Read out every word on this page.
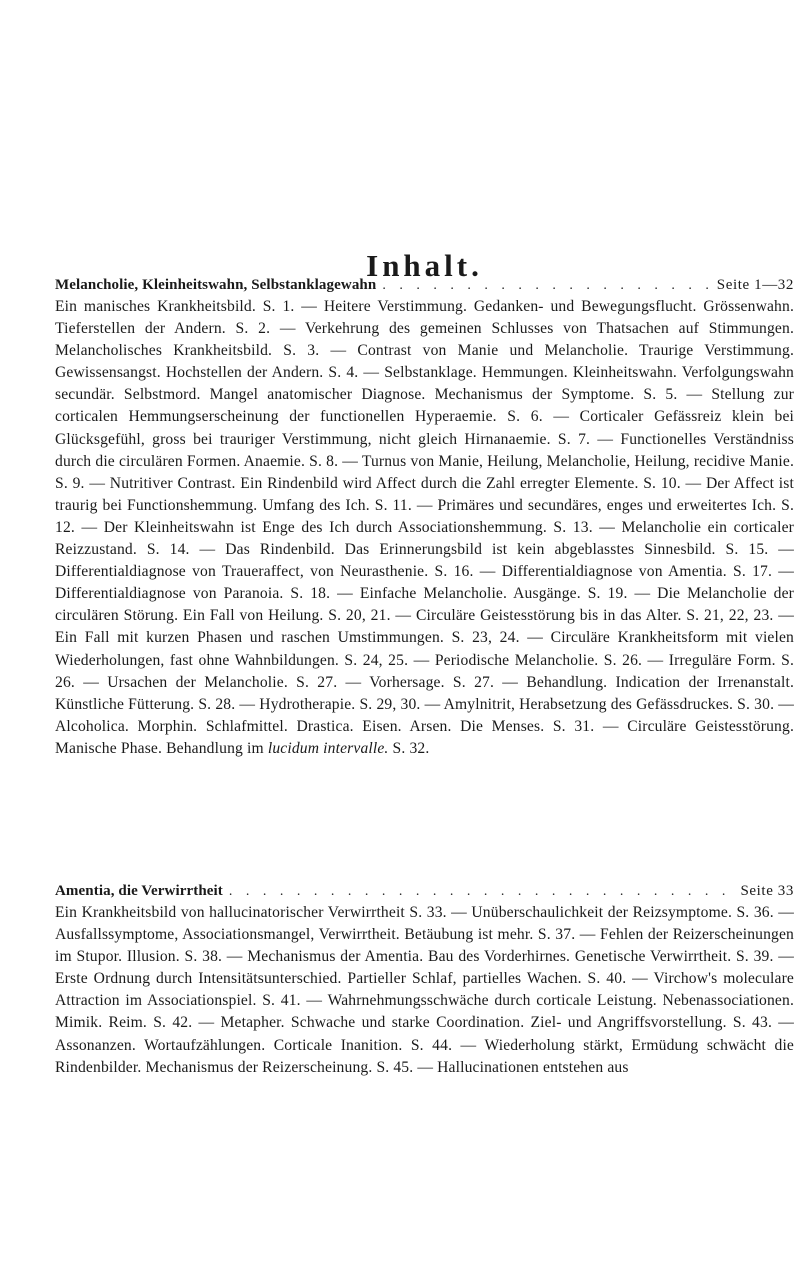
Inhalt.
Melancholie, Kleinheitswahn, Selbstanklagewahn . . .	Seite 1—32

Ein manisches Krankheitsbild. S. 1. — Heitere Verstimmung. Gedanken- und Bewegungsflucht. Grössenwahn. Tieferstellen der Andern. S. 2. — Verkehrung des gemeinen Schlusses von Thatsachen auf Stimmungen. Melancholisches Krankheitsbild. S. 3. — Contrast von Manie und Melancholie. Traurige Verstimmung. Gewissensangst. Hochstellen der Andern. S. 4. — Selbstanklage. Hemmungen. Kleinheitswahn. Verfolgungswahn secundär. Selbstmord. Mangel anatomischer Diagnose. Mechanismus der Symptome. S. 5. — Stellung zur corticalen Hemmungserscheinung der functionellen Hyperaemie. S. 6. — Corticaler Gefässreiz klein bei Glücksgefühl, gross bei trauriger Verstimmung, nicht gleich Hirnanaemie. S. 7. — Functionelles Verständniss durch die circulären Formen. Anaemie. S. 8. — Turnus von Manie, Heilung, Melancholie, Heilung, recidive Manie. S. 9. — Nutritiver Contrast. Ein Rindenbild wird Affect durch die Zahl erregter Elemente. S. 10. — Der Affect ist traurig bei Functionshemmung. Umfang des Ich. S. 11. — Primäres und secundäres, enges und erweitertes Ich. S. 12. — Der Kleinheitswahn ist Enge des Ich durch Associationshemmung. S. 13. — Melancholie ein corticaler Reizzustand. S. 14. — Das Rindenbild. Das Erinnerungsbild ist kein abgeblasstes Sinnesbild. S. 15. — Differentialdiagnose von Traueraffect, von Neurasthenie. S. 16. — Differentialdiagnose von Amentia. S. 17. — Differentialdiagnose von Paranoia. S. 18. — Einfache Melancholie. Ausgänge. S. 19. — Die Melancholie der circulären Störung. Ein Fall von Heilung. S. 20, 21. — Circuläre Geistesstörung bis in das Alter. S. 21, 22, 23. — Ein Fall mit kurzen Phasen und raschen Umstimmungen. S. 23, 24. — Circuläre Krankheitsform mit vielen Wiederholungen, fast ohne Wahnbildungen. S. 24, 25. — Periodische Melancholie. S. 26. — Irreguläre Form. S. 26. — Ursachen der Melancholie. S. 27. — Vorhersage. S. 27. — Behandlung. Indication der Irrenanstalt. Künstliche Fütterung. S. 28. — Hydrotherapie. S. 29, 30. — Amylnitrit, Herabsetzung des Gefässdruckes. S. 30. — Alcoholica. Morphin. Schlafmittel. Drastica. Eisen. Arsen. Die Menses. S. 31. — Circuläre Geistesstörung. Manische Phase. Behandlung im lucidum intervalle. S. 32.

Amentia, die Verwirrtheit . . .	Seite 33

Ein Krankheitsbild von hallucinatorischer Verwirrtheit S. 33. — Unüberschaulichkeit der Reizsymptome. S. 36. — Ausfallssymptome, Associationsmangel, Verwirrtheit. Betäubung ist mehr. S. 37. — Fehlen der Reizerscheinungen im Stupor. Illusion. S. 38. — Mechanismus der Amentia. Bau des Vorderhirnes. Genetische Verwirrtheit. S. 39. — Erste Ordnung durch Intensitätsunterschied. Partieller Schlaf, partielles Wachen. S. 40. — Virchow's moleculare Attraction im Associationspiel. S. 41. — Wahrnehmungsschwäche durch corticale Leistung. Nebenassociationen. Mimik. Reim. S. 42. — Metapher. Schwache und starke Coordination. Ziel- und Angriffsvorstellung. S. 43. — Assonanzen. Wortaufzählungen. Corticale Inanition. S. 44. — Wiederholung stärkt, Ermüdung schwächt die Rindenbilder. Mechanismus der Reizerscheinung. S. 45. — Hallucinationen entstehen aus
